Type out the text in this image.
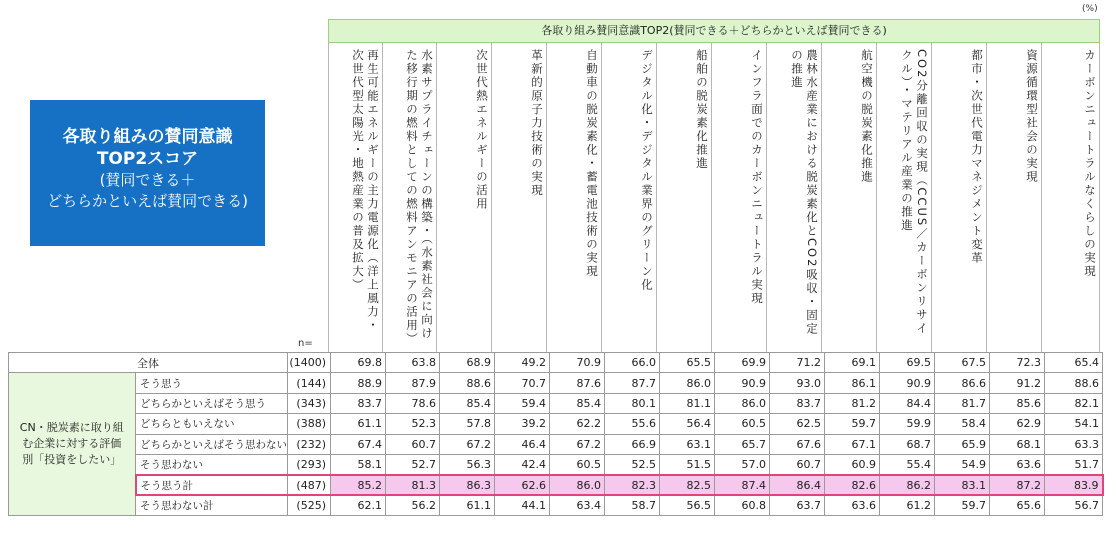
(%)
各取り組みの賛同意識
TOP2スコア
(賛同できる＋
どちらかといえば賛同できる)
各取り組み賛同意識TOP2(賛同できる＋どちらかといえば賛同できる)
再生可能エネルギーの主力電源化（洋上風力・次世代型太陽光・地熱産業の普及拡大）	水素サプライチェーンの構築・（水素社会に向けた移行期の燃料としての燃料アンモニアの活用）	次世代熱エネルギーの活用	革新的原子力技術の実現	自動車の脱炭素化・蓄電池技術の実現	デジタル化・デジタル業界のグリーン化	船舶の脱炭素化推進	インフラ面でのカーボンニュートラル実現	農林水産業における脱炭素化とCO2吸収・固定の推進	航空機の脱炭素化推進	CO2分離回収の実現（CCUS／カーボンリサイクル）・マテリアル産業の推進	都市・次世代電力マネジメント変革	資源循環型社会の実現	カーボンニュートラルなくらしの実現
n=
全体		(1400)	69.8	63.8	68.9	49.2	70.9	66.0	65.5	69.9	71.2	69.1	69.5	67.5	72.3	65.4
CN・脱炭素に取り組む企業に対する評価別「投資をしたい」	そう思う	(144)	88.9	87.9	88.6	70.7	87.6	87.7	86.0	90.9	93.0	86.1	90.9	86.6	91.2	88.6
	どちらかといえばそう思う	(343)	83.7	78.6	85.4	59.4	85.4	80.1	81.1	86.0	83.7	81.2	84.4	81.7	85.6	82.1
	どちらともいえない	(388)	61.1	52.3	57.8	39.2	62.2	55.6	56.4	60.5	62.5	59.7	59.9	58.4	62.9	54.1
	どちらかといえばそう思わない	(232)	67.4	60.7	67.2	46.4	67.2	66.9	63.1	65.7	67.6	67.1	68.7	65.9	68.1	63.3
	そう思わない	(293)	58.1	52.7	56.3	42.4	60.5	52.5	51.5	57.0	60.7	60.9	55.4	54.9	63.6	51.7
	そう思う計	(487)	85.2	81.3	86.3	62.6	86.0	82.3	82.5	87.4	86.4	82.6	86.2	83.1	87.2	83.9
	そう思わない計	(525)	62.1	56.2	61.1	44.1	63.4	58.7	56.5	60.8	63.7	63.6	61.2	59.7	65.6	56.7
